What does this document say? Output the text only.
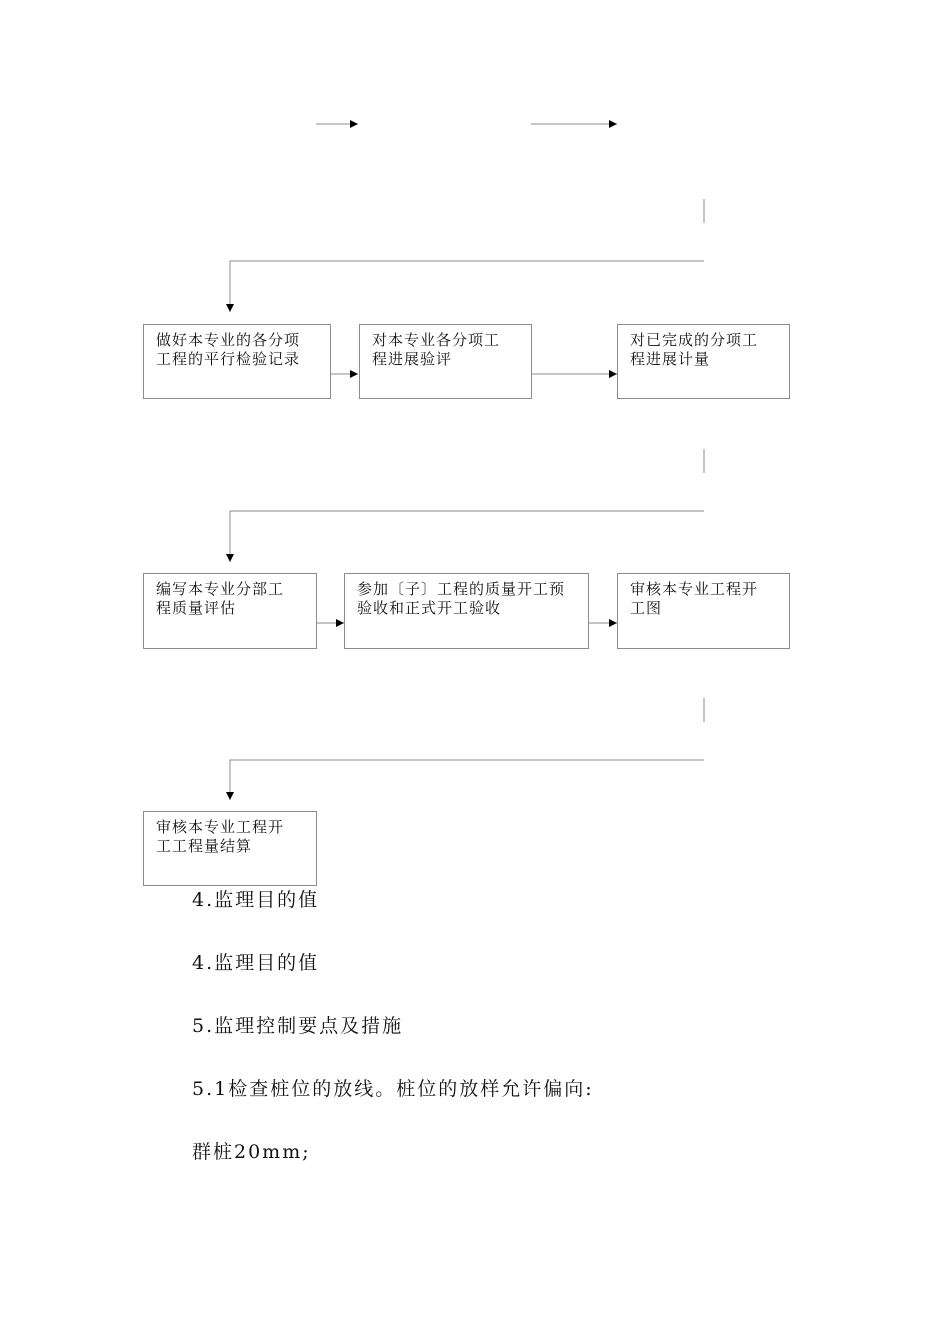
做好本专业的各分项
工程的平行检验记录
对本专业各分项工
程进展验评
对已完成的分项工
程进展计量
编写本专业分部工
程质量评估
参加〔子〕工程的质量开工预
验收和正式开工验收
审核本专业工程开
工图
审核本专业工程开
工工程量结算

4.监理目的值

4.监理目的值

5.监理控制要点及措施

5.1检查桩位的放线。桩位的放样允许偏向:

群桩20mm;
